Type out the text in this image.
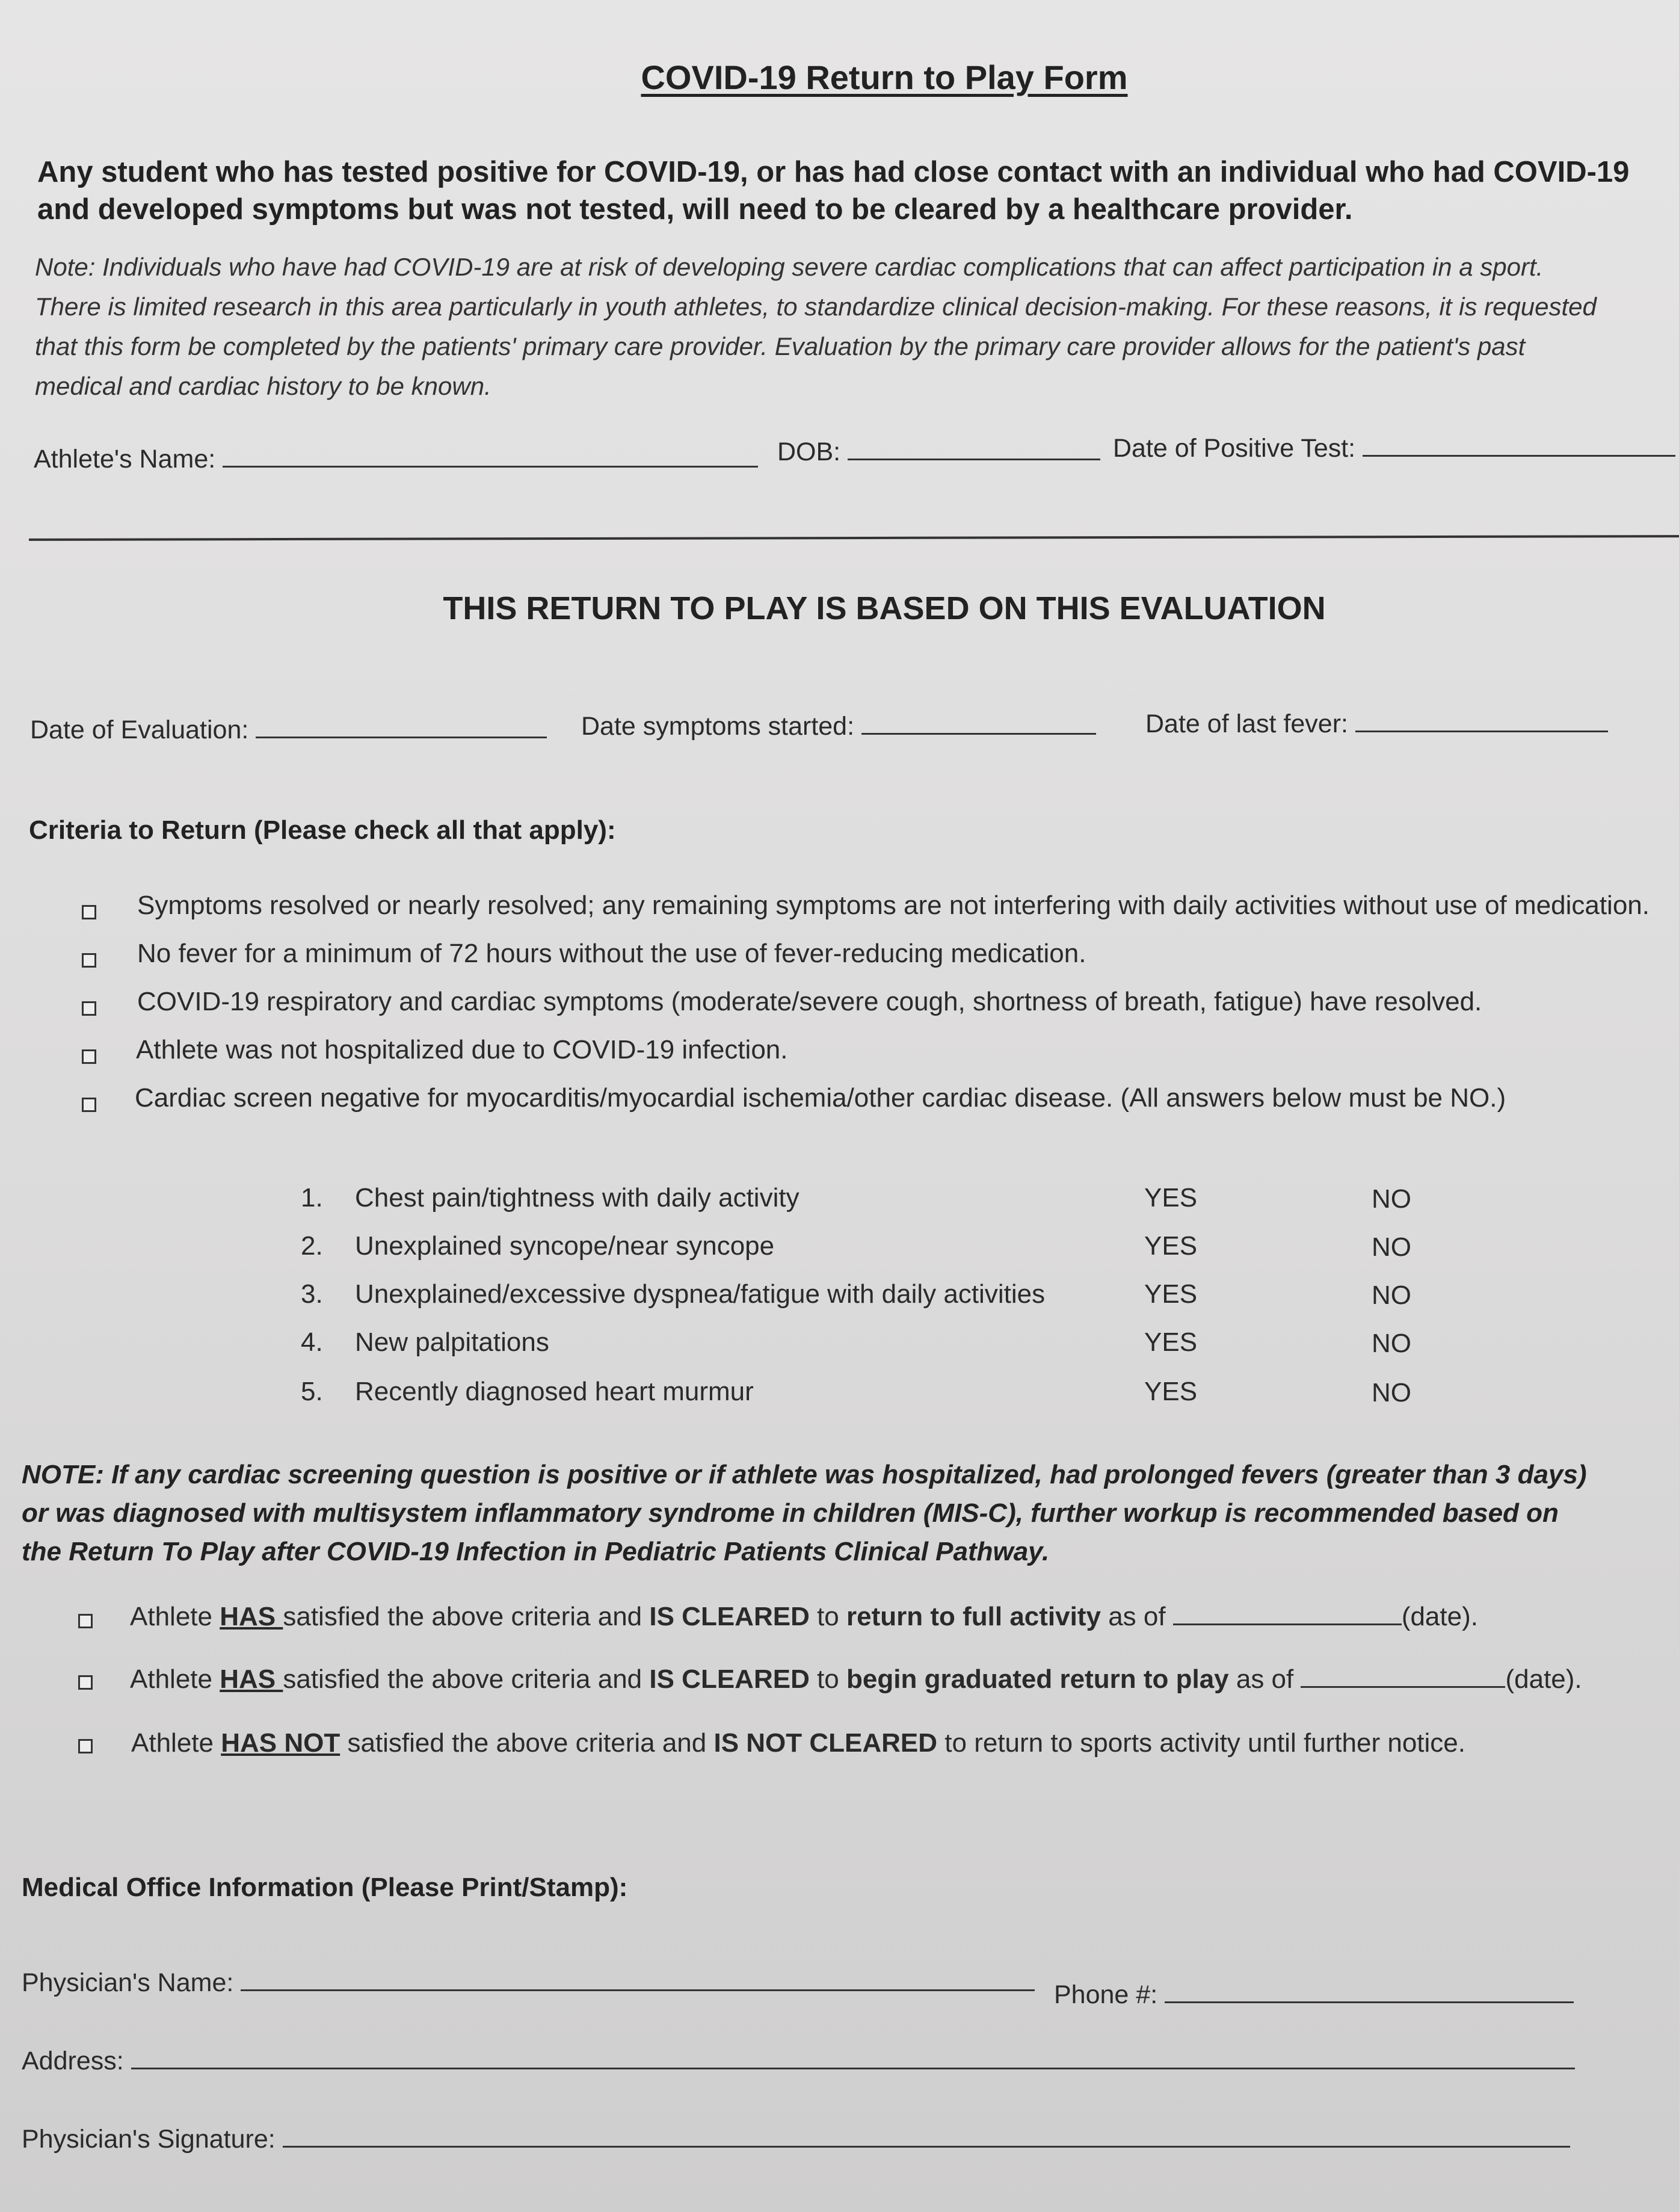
COVID-19 Return to Play Form
Any student who has tested positive for COVID-19, or has had close contact with an individual who had COVID-19
and developed symptoms but was not tested, will need to be cleared by a healthcare provider.
Note: Individuals who have had COVID-19 are at risk of developing severe cardiac complications that can affect participation in a sport.
There is limited research in this area particularly in youth athletes, to standardize clinical decision-making. For these reasons, it is requested
that this form be completed by the patients' primary care provider. Evaluation by the primary care provider allows for the patient's past
medical and cardiac history to be known.
Athlete's Name:	DOB:	Date of Positive Test:
THIS RETURN TO PLAY IS BASED ON THIS EVALUATION
Date of Evaluation:	Date symptoms started:	Date of last fever:
Criteria to Return (Please check all that apply):
Symptoms resolved or nearly resolved; any remaining symptoms are not interfering with daily activities without use of medication.
No fever for a minimum of 72 hours without the use of fever-reducing medication.
COVID-19 respiratory and cardiac symptoms (moderate/severe cough, shortness of breath, fatigue) have resolved.
Athlete was not hospitalized due to COVID-19 infection.
Cardiac screen negative for myocarditis/myocardial ischemia/other cardiac disease. (All answers below must be NO.)
1. Chest pain/tightness with daily activity	YES	NO
2. Unexplained syncope/near syncope	YES	NO
3. Unexplained/excessive dyspnea/fatigue with daily activities	YES	NO
4. New palpitations	YES	NO
5. Recently diagnosed heart murmur	YES	NO
NOTE: If any cardiac screening question is positive or if athlete was hospitalized, had prolonged fevers (greater than 3 days)
or was diagnosed with multisystem inflammatory syndrome in children (MIS-C), further workup is recommended based on
the Return To Play after COVID-19 Infection in Pediatric Patients Clinical Pathway.
Athlete HAS satisfied the above criteria and IS CLEARED to return to full activity as of	(date).
Athlete HAS satisfied the above criteria and IS CLEARED to begin graduated return to play as of	(date).
Athlete HAS NOT satisfied the above criteria and IS NOT CLEARED to return to sports activity until further notice.
Medical Office Information (Please Print/Stamp):
Physician's Name:	Phone #:
Address:
Physician's Signature:
